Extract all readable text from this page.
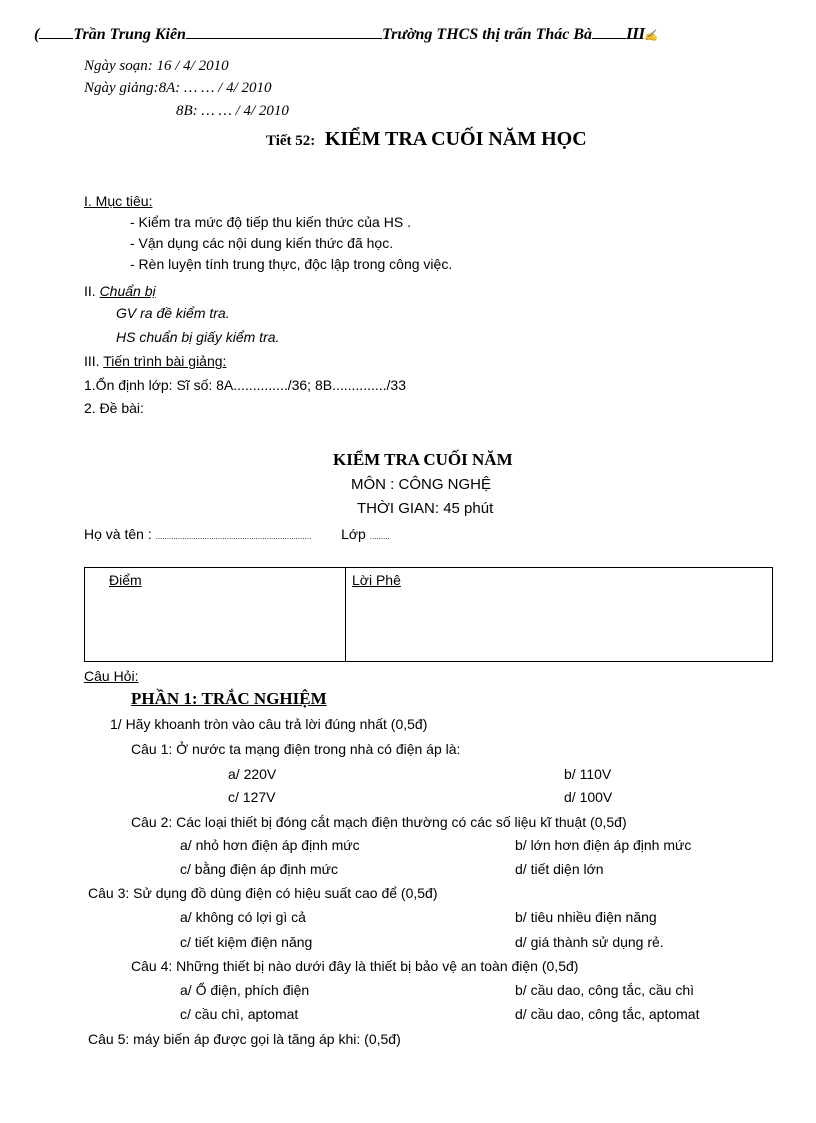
( Trần Trung Kiên	Trường THCS thị trấn Thác Bà Ш✍
Ngày soạn: 16 / 4/ 2010
Ngày giảng:8A: … … / 4/ 2010
8B: … … / 4/ 2010
Tiết 52: KIỂM TRA CUỐI NĂM HỌC
I. Mục tiêu:
- Kiểm tra mức độ tiếp thu kiến thức của HS .
- Vận dụng các nội dung kiến thức đã học.
- Rèn luyện tính trung thực, độc lập trong công việc.
II. Chuẩn bị
GV ra đề kiểm tra.
HS chuẩn bị giấy kiểm tra.
III. Tiến trình bài giảng:
1.Ổn định lớp: Sĩ số: 8A............../36; 8B............../33
2. Đề bài:
KIỂM TRA CUỐI NĂM
MÔN : CÔNG NGHỆ
THỜI GIAN: 45 phút
Họ và tên : ...................................................................... Lớp .........
Điểm	Lời Phê
Câu Hỏi:
PHẦN 1: TRẮC NGHIỆM
1/ Hãy khoanh tròn vào câu trả lời đúng nhất (0,5đ)
Câu 1: Ở nước ta mạng điện trong nhà có điện áp là:
a/ 220V	b/ 110V
c/ 127V	d/ 100V
Câu 2: Các loại thiết bị đóng cắt mạch điện thường có các số liệu kĩ thuật (0,5đ)
a/ nhỏ hơn điện áp định mức	b/ lớn hơn điện áp định mức
c/ bằng điện áp định mức	d/ tiết diện lớn
Câu 3: Sử dụng đồ dùng điện có hiệu suất cao để (0,5đ)
a/ không có lợi gì cả	b/ tiêu nhiều điện năng
c/ tiết kiệm điện năng	d/ giá thành sử dụng rẻ.
Câu 4: Những thiết bị nào dưới đây là thiết bị bảo vệ an toàn điện (0,5đ)
a/ Ổ điện, phích điện	b/ cầu dao, công tắc, cầu chì
c/ cầu chì, aptomat	d/ cầu dao, công tắc, aptomat
Câu 5: máy biến áp được gọi là tăng áp khi: (0,5đ)
